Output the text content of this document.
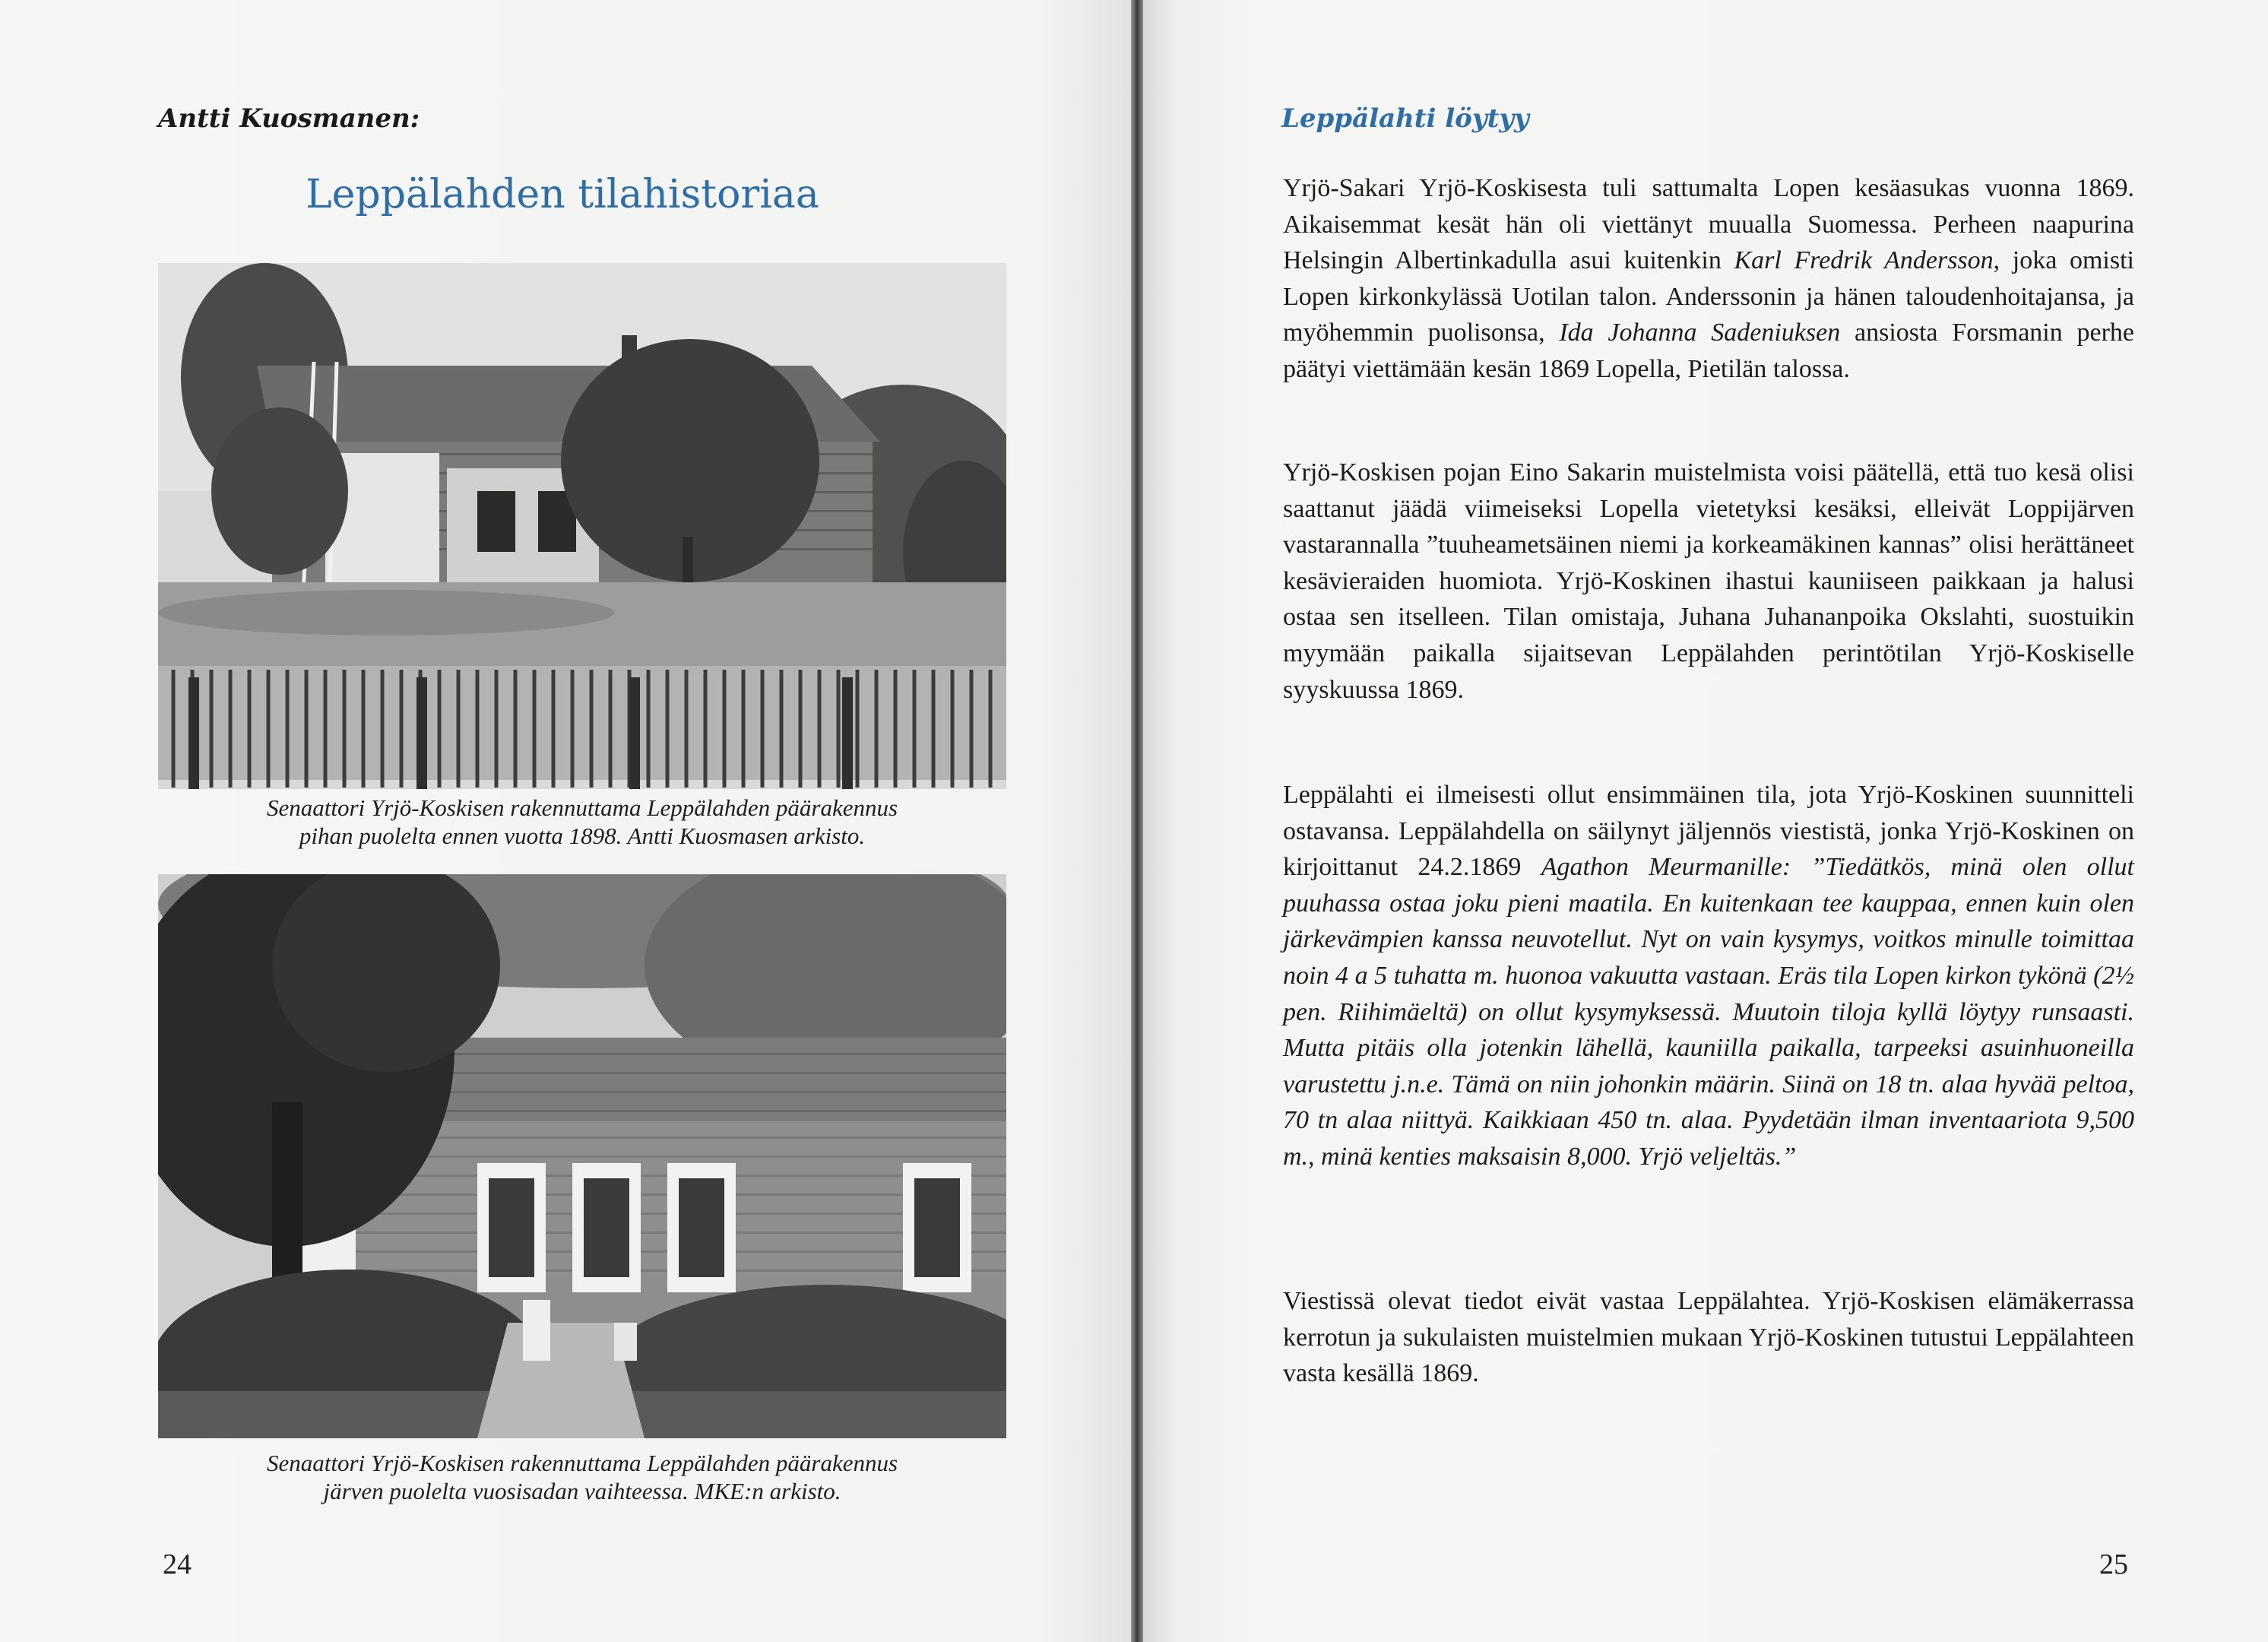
Antti Kuosmanen:
Leppälahden tilahistoriaa
Senaattori Yrjö-Koskisen rakennuttama Leppälahden päärakennus
pihan puolelta ennen vuotta 1898. Antti Kuosmasen arkisto.
Senaattori Yrjö-Koskisen rakennuttama Leppälahden päärakennus
järven puolelta vuosisadan vaihteessa. MKE:n arkisto.
24
Leppälahti löytyy
Yrjö-Sakari Yrjö-Koskisesta tuli sattumalta Lopen kesäasukas vuonna 1869. Aikaisemmat kesät hän oli viettänyt muualla Suomessa. Perheen naapurina Helsingin Albertinkadulla asui kuitenkin Karl Fredrik Andersson, joka omisti Lopen kirkonkylässä Uotilan talon. Anderssonin ja hänen taloudenhoitajansa, ja myöhemmin puolisonsa, Ida Johanna Sadeniuksen ansiosta Forsmanin perhe päätyi viettämään kesän 1869 Lopella, Pietilän talossa.
Yrjö-Koskisen pojan Eino Sakarin muistelmista voisi päätellä, että tuo kesä olisi saattanut jäädä viimeiseksi Lopella vietetyksi kesäksi, elleivät Loppijärven vastarannalla ”tuuheametsäinen niemi ja korkeamäkinen kannas” olisi herättäneet kesävieraiden huomiota. Yrjö-Koskinen ihastui kauniiseen paikkaan ja halusi ostaa sen itselleen. Tilan omistaja, Juhana Juhananpoika Okslahti, suostuikin myymään paikalla sijaitsevan Leppälahden perintötilan Yrjö-Koskiselle syyskuussa 1869.
Leppälahti ei ilmeisesti ollut ensimmäinen tila, jota Yrjö-Koskinen suunnitteli ostavansa. Leppälahdella on säilynyt jäljennös viestistä, jonka Yrjö-Koskinen on kirjoittanut 24.2.1869 Agathon Meurmanille: ”Tiedätkös, minä olen ollut puuhassa ostaa joku pieni maatila. En kuitenkaan tee kauppaa, ennen kuin olen järkevämpien kanssa neuvotellut. Nyt on vain kysymys, voitkos minulle toimittaa noin 4 a 5 tuhatta m. huonoa vakuutta vastaan. Eräs tila Lopen kirkon tykönä (2½ pen. Riihimäeltä) on ollut kysymyksessä. Muutoin tiloja kyllä löytyy runsaasti. Mutta pitäis olla jotenkin lähellä, kauniilla paikalla, tarpeeksi asuinhuoneilla varustettu j.n.e. Tämä on niin johonkin määrin. Siinä on 18 tn. alaa hyvää peltoa, 70 tn alaa niittyä. Kaikkiaan 450 tn. alaa. Pyydetään ilman inventaariota 9,500 m., minä kenties maksaisin 8,000. Yrjö veljeltäs.”
Viestissä olevat tiedot eivät vastaa Leppälahtea. Yrjö-Koskisen elämäkerrassa kerrotun ja sukulaisten muistelmien mukaan Yrjö-Koskinen tutustui Leppälahteen vasta kesällä 1869.
25
